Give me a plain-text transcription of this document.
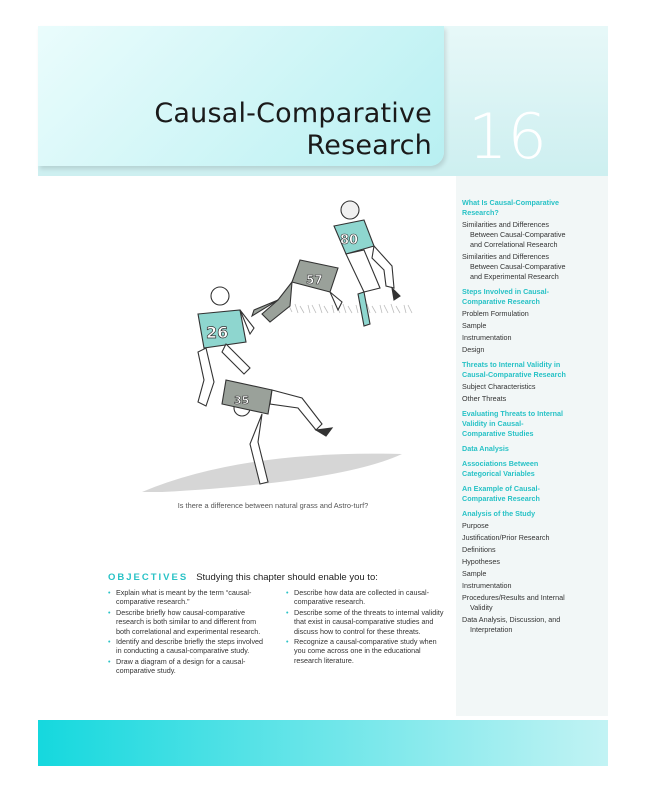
Causal-Comparative
Research 16
What Is Causal-Comparative Research?
Similarities and Differences Between Causal-Comparative and Correlational Research
Similarities and Differences Between Causal-Comparative and Experimental Research
Steps Involved in Causal-Comparative Research
Problem Formulation
Sample
Instrumentation
Design
Threats to Internal Validity in Causal-Comparative Research
Subject Characteristics
Other Threats
Evaluating Threats to Internal Validity in Causal-Comparative Studies
Data Analysis
Associations Between Categorical Variables
An Example of Causal-Comparative Research
Analysis of the Study
Purpose
Justification/Prior Research
Definitions
Hypotheses
Sample
Instrumentation
Procedures/Results and Internal Validity
Data Analysis, Discussion, and Interpretation
80
57
26
35
Is there a difference between natural grass and Astro-turf?
OBJECTIVES Studying this chapter should enable you to:
• Explain what is meant by the term “causal-comparative research.”
• Describe briefly how causal-comparative research is both similar to and different from both correlational and experimental research.
• Identify and describe briefly the steps involved in conducting a causal-comparative study.
• Draw a diagram of a design for a causal-comparative study.
• Describe how data are collected in causal-comparative research.
• Describe some of the threats to internal validity that exist in causal-comparative studies and discuss how to control for these threats.
• Recognize a causal-comparative study when you come across one in the educational research literature.
